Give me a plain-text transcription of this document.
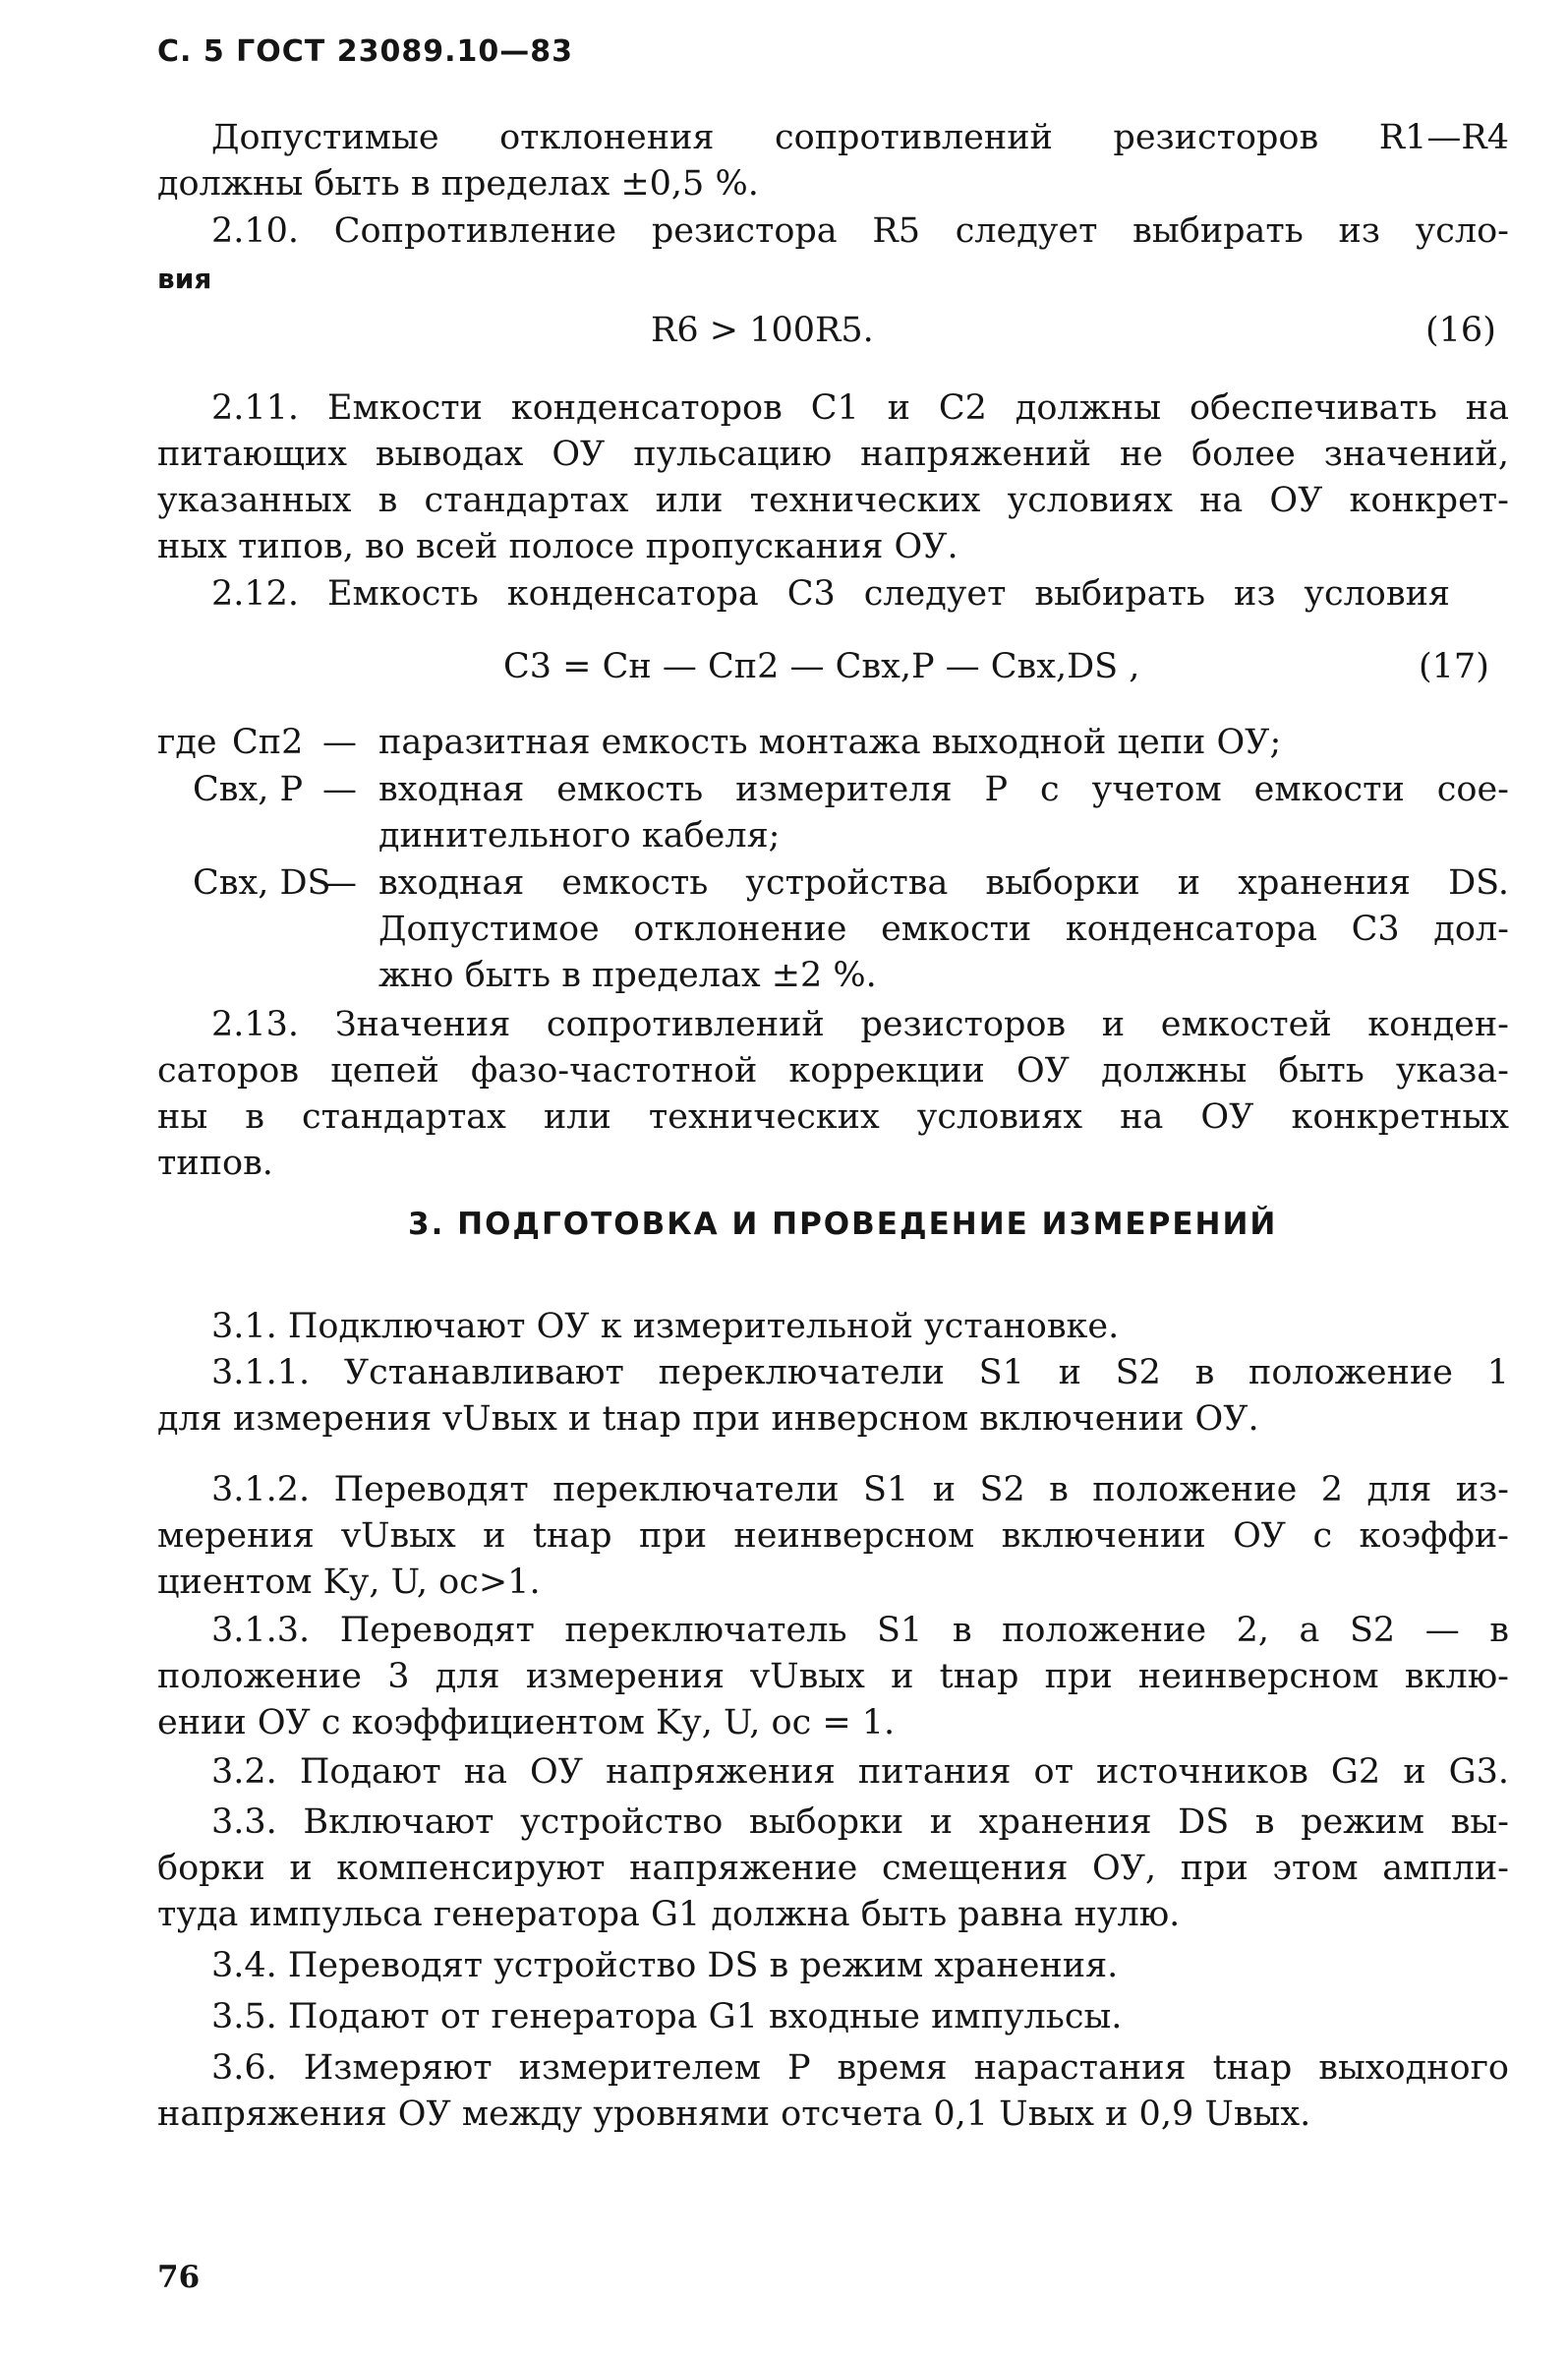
С. 5 ГОСТ 23089.10—83
Допустимые отклонения сопротивлений резисторов R1—R4
должны быть в пределах ±0,5 %.
2.10. Сопротивление резистора R5 следует выбирать из усло-
вия
R6 > 100R5.	(16)
2.11. Емкости конденсаторов C1 и C2 должны обеспечивать на
питающих выводах ОУ пульсацию напряжений не более значений,
указанных в стандартах или технических условиях на ОУ конкрет-
ных типов, во всей полосе пропускания ОУ.
2.12. Емкость конденсатора C3 следует выбирать из условия
C3 = Cн — Cп2 — Cвх,P — Cвх,DS ,	(17)
где Cп2 — паразитная емкость монтажа выходной цепи ОУ;
Cвх, P — входная емкость измерителя P с учетом емкости сое-
динительного кабеля;
Cвх, DS
— входная емкость устройства выборки и хранения DS.
Допустимое отклонение емкости конденсатора C3 дол-
жно быть в пределах ±2 %.
2.13. Значения сопротивлений резисторов и емкостей конден-
саторов цепей фазо-частотной коррекции ОУ должны быть указа-
ны в стандартах или технических условиях на ОУ конкретных
типов.
3. ПОДГОТОВКА И ПРОВЕДЕНИЕ ИЗМЕРЕНИЙ
3.1. Подключают ОУ к измерительной установке.
3.1.1. Устанавливают переключатели S1 и S2 в положение 1
для измерения vUвых и tнар при инверсном включении ОУ.
3.1.2. Переводят переключатели S1 и S2 в положение 2 для из-
мерения vUвых и tнар при неинверсном включении ОУ с коэффи-
циентом Kу, U, ос>1.
3.1.3. Переводят переключатель S1 в положение 2, а S2 — в
положение 3 для измерения vUвых и tнар при неинверсном вклю-
ении ОУ с коэффициентом Kу, U, ос = 1.
3.2. Подают на ОУ напряжения питания от источников G2 и G3.
3.3. Включают устройство выборки и хранения DS в режим вы-
борки и компенсируют напряжение смещения ОУ, при этом ампли-
туда импульса генератора G1 должна быть равна нулю.
3.4. Переводят устройство DS в режим хранения.
3.5. Подают от генератора G1 входные импульсы.
3.6. Измеряют измерителем P время нарастания tнар выходного
напряжения ОУ между уровнями отсчета 0,1 Uвых и 0,9 Uвых.
76
